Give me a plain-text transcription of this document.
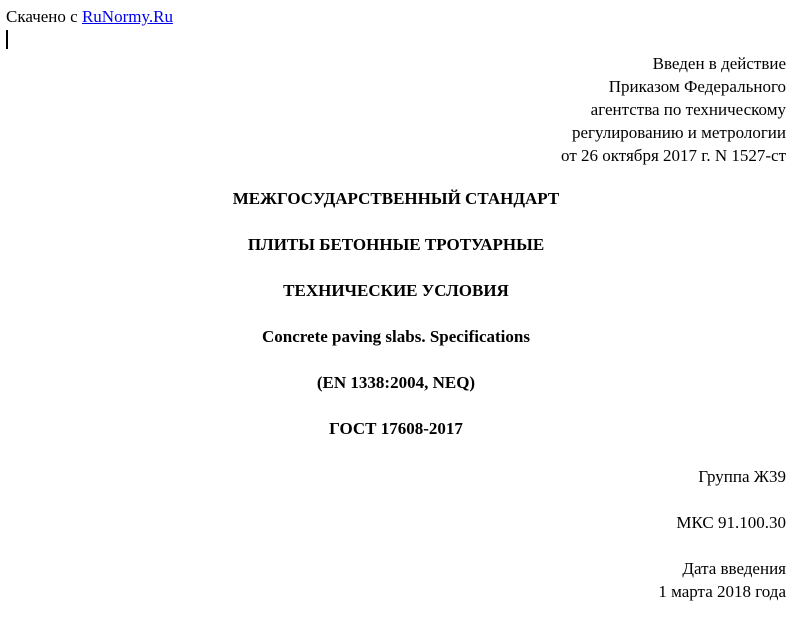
Скачено с RuNormy.Ru
Введен в действие
Приказом Федерального
агентства по техническому
регулированию и метрологии
от 26 октября 2017 г. N 1527-ст
МЕЖГОСУДАРСТВЕННЫЙ СТАНДАРТ
ПЛИТЫ БЕТОННЫЕ ТРОТУАРНЫЕ
ТЕХНИЧЕСКИЕ УСЛОВИЯ
Concrete paving slabs. Specifications
(EN 1338:2004, NEQ)
ГОСТ 17608-2017
Группа Ж39
МКС 91.100.30
Дата введения
1 марта 2018 года
